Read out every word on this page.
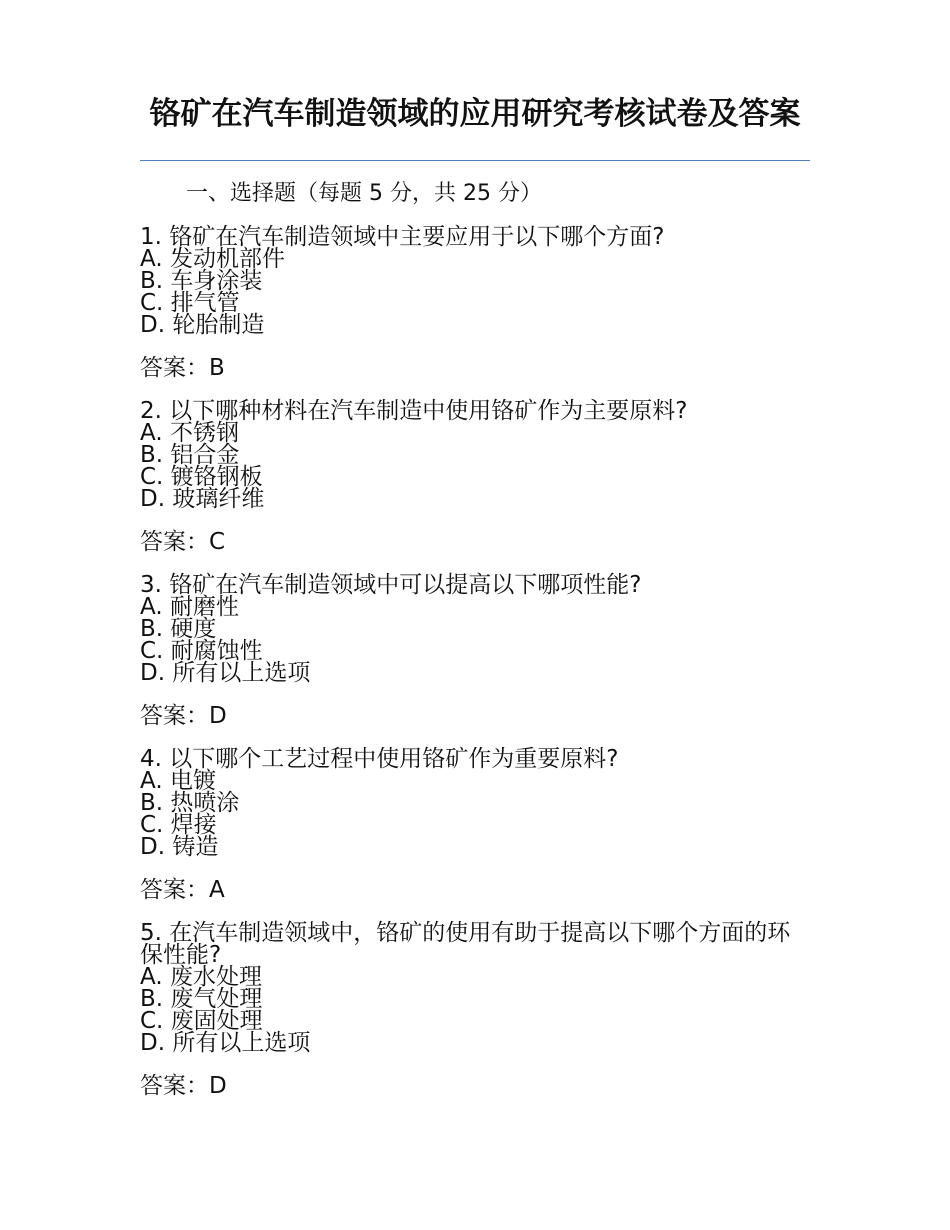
铬矿在汽车制造领域的应用研究考核试卷及答案
一、选择题（每题 5 分，共 25 分）
1. 铬矿在汽车制造领域中主要应用于以下哪个方面?
A. 发动机部件
B. 车身涂装
C. 排气管
D. 轮胎制造
答案：B
2. 以下哪种材料在汽车制造中使用铬矿作为主要原料?
A. 不锈钢
B. 铝合金
C. 镀铬钢板
D. 玻璃纤维
答案：C
3. 铬矿在汽车制造领域中可以提高以下哪项性能?
A. 耐磨性
B. 硬度
C. 耐腐蚀性
D. 所有以上选项
答案：D
4. 以下哪个工艺过程中使用铬矿作为重要原料?
A. 电镀
B. 热喷涂
C. 焊接
D. 铸造
答案：A
5. 在汽车制造领域中，铬矿的使用有助于提高以下哪个方面的环保性能?
A. 废水处理
B. 废气处理
C. 废固处理
D. 所有以上选项
答案：D
